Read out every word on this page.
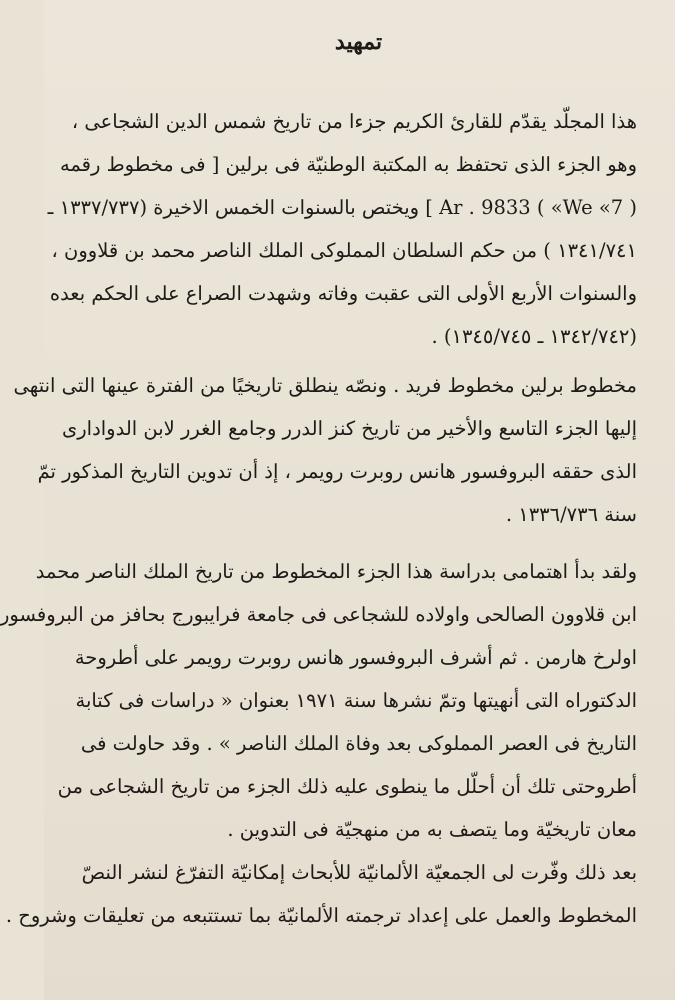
تمهيد

هذا المجلّد يقدّم للقارئ الكريم جزءا من تاريخ شمس الدين الشجاعى ،
وهو الجزء الذى تحتفظ به المكتبة الوطنيّة فى برلين [ فى مخطوط رقمه
( We «7» ) Ar . 9833 ] ويختص بالسنوات الخمس الاخيرة (١٣٣٧/٧٣٧ ـ
١٣٤١/٧٤١ ) من حكم السلطان المملوكى الملك الناصر محمد بن قلاوون ،
والسنوات الأربع الأولى التى عقبت وفاته وشهدت الصراع على الحكم بعده
(١٣٤٢/٧٤٢ ـ ١٣٤٥/٧٤٥) .

مخطوط برلين مخطوط فريد . ونصّه ينطلق تاريخيًا من الفترة عينها التى انتهى
إليها الجزء التاسع والأخير من تاريخ كنز الدرر وجامع الغرر لابن الدوادارى
الذى حققه البروفسور هانس روبرت رويمر ، إذ أن تدوين التاريخ المذكور تمّ
سنة ١٣٣٦/٧٣٦ .

ولقد بدأ اهتمامى بدراسة هذا الجزء المخطوط من تاريخ الملك الناصر محمد
ابن قلاوون الصالحى واولاده للشجاعى فى جامعة فرايبورج بحافز من البروفسور
اولرخ هارمن . ثم أشرف البروفسور هانس روبرت رويمر على أطروحة
الدكتوراه التى أنهيتها وتمّ نشرها سنة ١٩٧١ بعنوان « دراسات فى كتابة
التاريخ فى العصر المملوكى بعد وفاة الملك الناصر » . وقد حاولت فى
أطروحتى تلك أن أحلّل ما ينطوى عليه ذلك الجزء من تاريخ الشجاعى من
معان تاريخيّة وما يتصف به من منهجيّة فى التدوين .

بعد ذلك وفّرت لى الجمعيّة الألمانيّة للأبحاث إمكانيّة التفرّغ لنشر النصّ
المخطوط والعمل على إعداد ترجمته الألمانيّة بما تستتبعه من تعليقات وشروح .
